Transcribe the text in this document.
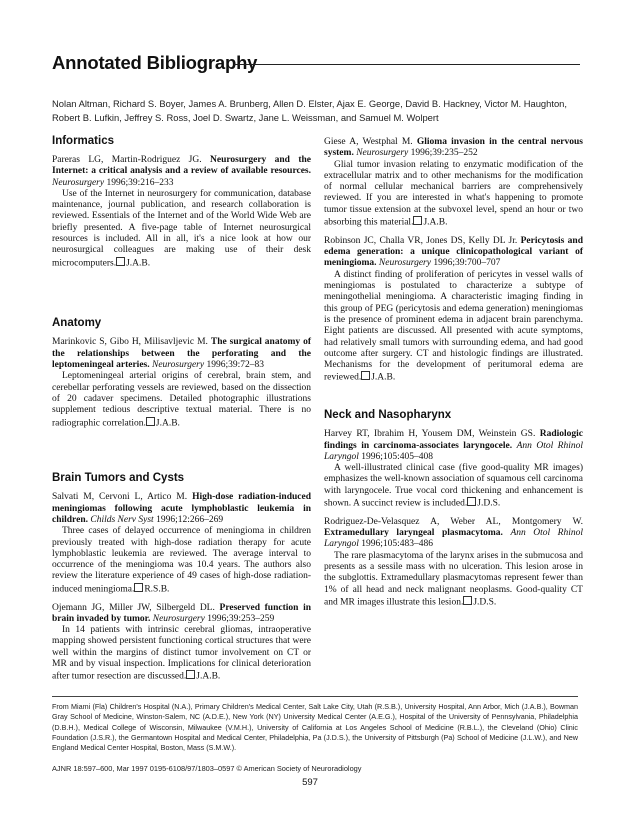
Annotated Bibliography
Nolan Altman, Richard S. Boyer, James A. Brunberg, Allen D. Elster, Ajax E. George, David B. Hackney, Victor M. Haughton, Robert B. Lufkin, Jeffrey S. Ross, Joel D. Swartz, Jane L. Weissman, and Samuel M. Wolpert
Informatics

Pareras LG, Martin-Rodriguez JG. Neurosurgery and the Internet: a critical analysis and a review of available resources. Neurosurgery 1996;39:216–233

Use of the Internet in neurosurgery for communication, database maintenance, journal publication, and research collaboration is reviewed. Essentials of the Internet and of the World Wide Web are briefly presented. A five-page table of Internet neurosurgical resources is included. All in all, it's a nice look at how our neurosurgical colleagues are making use of their desk microcomputers. J.A.B.

Anatomy

Marinkovic S, Gibo H, Milisavljevic M. The surgical anatomy of the relationships between the perforating and the leptomeningeal arteries. Neurosurgery 1996;39:72–83

Leptomeningeal arterial origins of cerebral, brain stem, and cerebellar perforating vessels are reviewed, based on the dissection of 20 cadaver specimens. Detailed photographic illustrations supplement tedious descriptive textual material. There is no radiographic correlation. J.A.B.

Brain Tumors and Cysts

Salvati M, Cervoni L, Artico M. High-dose radiation-induced meningiomas following acute lymphoblastic leukemia in children. Childs Nerv Syst 1996;12:266–269

Three cases of delayed occurrence of meningioma in children previously treated with high-dose radiation therapy for acute lymphoblastic leukemia are reviewed. The average interval to occurrence of the meningioma was 10.4 years. The authors also review the literature experience of 49 cases of high-dose radiation-induced meningioma. R.S.B.

Ojemann JG, Miller JW, Silbergeld DL. Preserved function in brain invaded by tumor. Neurosurgery 1996;39:253–259

In 14 patients with intrinsic cerebral gliomas, intraoperative mapping showed persistent functioning cortical structures that were well within the margins of distinct tumor involvement on CT or MR and by visual inspection. Implications for clinical deterioration after tumor resection are discussed. J.A.B.

Giese A, Westphal M. Glioma invasion in the central nervous system. Neurosurgery 1996;39:235–252

Glial tumor invasion relating to enzymatic modification of the extracellular matrix and to other mechanisms for the modification of normal cellular mechanical barriers are comprehensively reviewed. If you are interested in what's happening to promote tumor tissue extension at the subvoxel level, spend an hour or two absorbing this material. J.A.B.

Robinson JC, Challa VR, Jones DS, Kelly DL Jr. Pericytosis and edema generation: a unique clinicopathological variant of meningioma. Neurosurgery 1996;39:700–707

A distinct finding of proliferation of pericytes in vessel walls of meningiomas is postulated to characterize a subtype of meningothelial meningioma. A characteristic imaging finding in this group of PEG (pericytosis and edema generation) meningiomas is the presence of prominent edema in adjacent brain parenchyma. Eight patients are discussed. All presented with acute symptoms, had relatively small tumors with surrounding edema, and had good outcome after surgery. CT and histologic findings are illustrated. Mechanisms for the development of peritumoral edema are reviewed. J.A.B.

Neck and Nasopharynx

Harvey RT, Ibrahim H, Yousem DM, Weinstein GS. Radiologic findings in carcinoma-associates laryngocele. Ann Otol Rhinol Laryngol 1996;105:405–408

A well-illustrated clinical case (five good-quality MR images) emphasizes the well-known association of squamous cell carcinoma with laryngocele. True vocal cord thickening and enhancement is shown. A succinct review is included. J.D.S.

Rodriguez-De-Velasquez A, Weber AL, Montgomery W. Extramedullary laryngeal plasmacytoma. Ann Otol Rhinol Laryngol 1996;105:483–486

The rare plasmacytoma of the larynx arises in the submucosa and presents as a sessile mass with no ulceration. This lesion arose in the subglottis. Extramedullary plasmacytomas represent fewer than 1% of all head and neck malignant neoplasms. Good-quality CT and MR images illustrate this lesion. J.D.S.

From Miami (Fla) Children's Hospital (N.A.), Primary Children's Medical Center, Salt Lake City, Utah (R.S.B.), University Hospital, Ann Arbor, Mich (J.A.B.), Bowman Gray School of Medicine, Winston-Salem, NC (A.D.E.), New York (NY) University Medical Center (A.E.G.), Hospital of the University of Pennsylvania, Philadelphia (D.B.H.), Medical College of Wisconsin, Milwaukee (V.M.H.), University of California at Los Angeles School of Medicine (R.B.L.), the Cleveland (Ohio) Clinic Foundation (J.S.R.), the Germantown Hospital and Medical Center, Philadelphia, Pa (J.D.S.), the University of Pittsburgh (Pa) School of Medicine (J.L.W.), and New England Medical Center Hospital, Boston, Mass (S.M.W.).
AJNR 18:597–600, Mar 1997 0195-6108/97/1803–0597 © American Society of Neuroradiology
597
